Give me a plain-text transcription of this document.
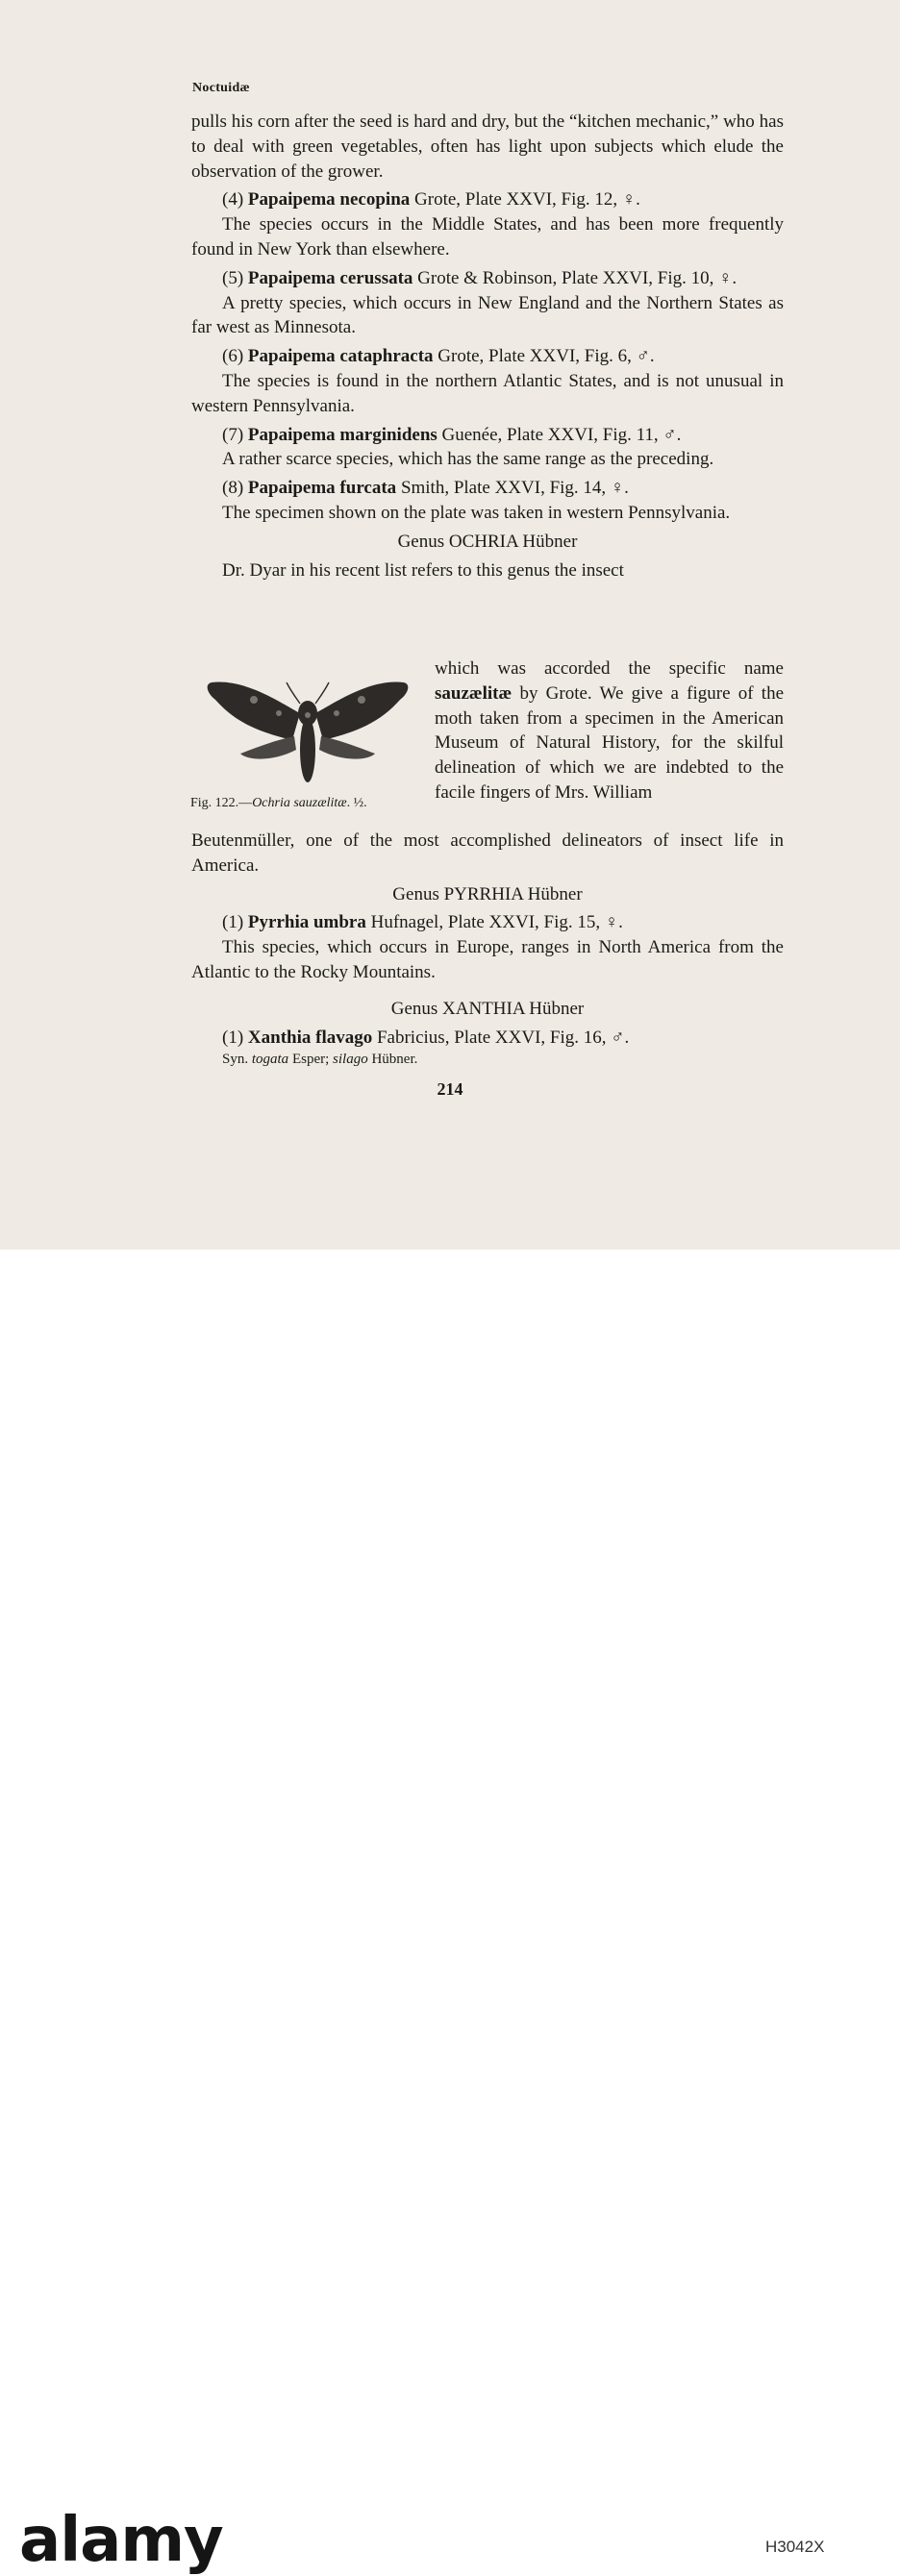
Noctuidæ

pulls his corn after the seed is hard and dry, but the “kitchen mechanic,” who has to deal with green vegetables, often has light upon subjects which elude the observation of the grower.

(4) Papaipema necopina Grote, Plate XXVI, Fig. 12, ♀.

The species occurs in the Middle States, and has been more frequently found in New York than elsewhere.

(5) Papaipema cerussata Grote & Robinson, Plate XXVI, Fig. 10, ♀.

A pretty species, which occurs in New England and the Northern States as far west as Minnesota.

(6) Papaipema cataphracta Grote, Plate XXVI, Fig. 6, ♂.

The species is found in the northern Atlantic States, and is not unusual in western Pennsylvania.

(7) Papaipema marginidens Guenée, Plate XXVI, Fig. 11, ♂.

A rather scarce species, which has the same range as the preceding.

(8) Papaipema furcata Smith, Plate XXVI, Fig. 14, ♀.

The specimen shown on the plate was taken in western Pennsylvania.

Genus OCHRIA Hübner

Dr. Dyar in his recent list refers to this genus the insect

Fig. 122.—Ochria sauzælitæ. ½.

which was accorded the specific name sauzælitæ by Grote. We give a figure of the moth taken from a specimen in the American Museum of Natural History, for the skilful delineation of which we are indebted to the facile fingers of Mrs. William

Beutenmüller, one of the most accomplished delineators of insect life in America.

Genus PYRRHIA Hübner

(1) Pyrrhia umbra Hufnagel, Plate XXVI, Fig. 15, ♀.

This species, which occurs in Europe, ranges in North America from the Atlantic to the Rocky Mountains.

Genus XANTHIA Hübner

(1) Xanthia flavago Fabricius, Plate XXVI, Fig. 16, ♂.

Syn. togata Esper; silago Hübner.

214
alamy	H3042X
